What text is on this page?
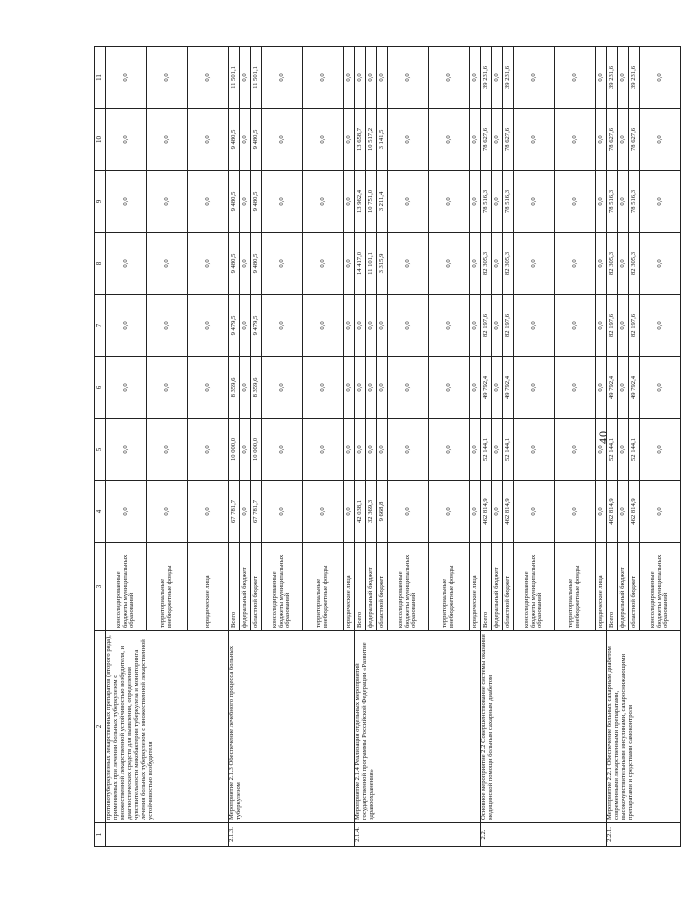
40
1	2	3	4	5	6	7	8	9	10	11
	противотуберкулезных лекарственных препаратов (второго ряда), применяемых при лечении больных туберкулезом с множественной лекарственной устойчивостью возбудителя, и диагностических средств для выявления, определения чувствительности микобактерии туберкулеза и мониторинга лечения больных туберкулезом с множественной лекарственной устойчивостью возбудителя	консолидированные бюджеты муниципальных образований	0,0	0,0	0,0	0,0	0,0	0,0	0,0	0,0
		территориальные внебюджетные фонды	0,0	0,0	0,0	0,0	0,0	0,0	0,0	0,0
		юридические лица	0,0	0,0	0,0	0,0	0,0	0,0	0,0	0,0
2.1.3.	Мероприятие 2.1.3 Обеспечение лечебного процесса больных туберкулезом	Всего	67 781,7	10 000,0	8 359,6	9 479,5	9 480,5	9 480,5	9 480,5	11 501,1
		федеральный бюджет	0,0	0,0	0,0	0,0	0,0	0,0	0,0	0,0
		областной бюджет	67 781,7	10 000,0	8 359,6	9 479,5	9 480,5	9 480,5	9 480,5	11 501,1
		консолидированные бюджеты муниципальных образований	0,0	0,0	0,0	0,0	0,0	0,0	0,0	0,0
		территориальные внебюджетные фонды	0,0	0,0	0,0	0,0	0,0	0,0	0,0	0,0
		юридические лица	0,0	0,0	0,0	0,0	0,0	0,0	0,0	0,0
2.1.4.	Мероприятие 2.1.4 Реализация отдельных мероприятий государственной программы Российской Федерации «Развитие здравоохранения»	Всего	42 038,1	0,0	0,0	0,0	14 417,0	13 962,4	13 658,7	0,0
		федеральный бюджет	32 369,3	0,0	0,0	0,0	11 101,1	10 751,0	10 517,2	0,0
		областной бюджет	9 668,8	0,0	0,0	0,0	3 315,9	3 211,4	3 141,5	0,0
		консолидированные бюджеты муниципальных образований	0,0	0,0	0,0	0,0	0,0	0,0	0,0	0,0
		территориальные внебюджетные фонды	0,0	0,0	0,0	0,0	0,0	0,0	0,0	0,0
		юридические лица	0,0	0,0	0,0	0,0	0,0	0,0	0,0	0,0
2.2.	Основное мероприятие 2.2 Совершенствование системы оказания медицинской помощи больным сахарным диабетом	Всего	462 814,9	52 144,1	49 792,4	82 197,6	82 305,3	78 516,3	78 627,6	39 231,6
		федеральный бюджет	0,0	0,0	0,0	0,0	0,0	0,0	0,0	0,0
		областной бюджет	462 814,9	52 144,1	49 792,4	82 197,6	82 305,3	78 516,3	78 627,6	39 231,6
		консолидированные бюджеты муниципальных образований	0,0	0,0	0,0	0,0	0,0	0,0	0,0	0,0
		территориальные внебюджетные фонды	0,0	0,0	0,0	0,0	0,0	0,0	0,0	0,0
		юридические лица	0,0	0,0	0,0	0,0	0,0	0,0	0,0	0,0
2.2.1.	Мероприятие 2.2.1 Обеспечение больных сахарным диабетом современными лекарственными препаратами, высокочувствительными инсулинами, сахароснижающими препаратами и средствами самоконтроля	Всего	462 814,9	52 144,1	49 792,4	82 197,6	82 305,3	78 516,3	78 627,6	39 231,6
		федеральный бюджет	0,0	0,0	0,0	0,0	0,0	0,0	0,0	0,0
		областной бюджет	462 814,9	52 144,1	49 792,4	82 197,6	82 305,3	78 516,3	78 627,6	39 231,6
		консолидированные бюджеты муниципальных образований	0,0	0,0	0,0	0,0	0,0	0,0	0,0	0,0
